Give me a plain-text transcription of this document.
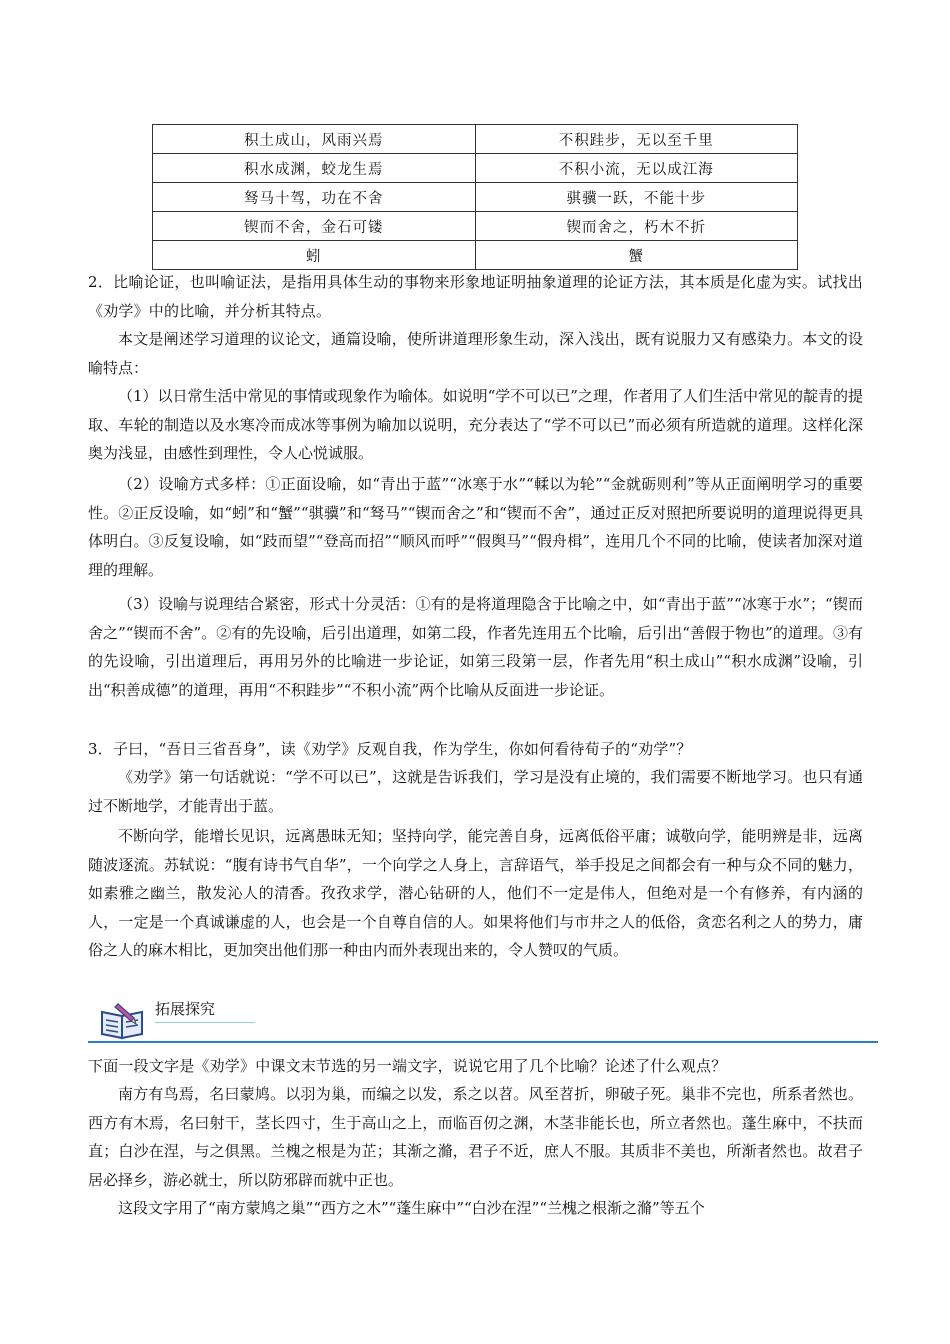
积土成山，风雨兴焉	不积跬步，无以至千里
积水成渊，蛟龙生焉	不积小流，无以成江海
驽马十驾，功在不舍	骐骥一跃，不能十步
锲而不舍，金石可镂	锲而舍之，朽木不折
蚓	蟹

2．比喻论证，也叫喻证法，是指用具体生动的事物来形象地证明抽象道理的论证方法，其本质是化虚为实。试找出《劝学》中的比喻，并分析其特点。

本文是阐述学习道理的议论文，通篇设喻，使所讲道理形象生动，深入浅出，既有说服力又有感染力。本文的设喻特点：

（1）以日常生活中常见的事情或现象作为喻体。如说明“学不可以已”之理，作者用了人们生活中常见的靛青的提取、车轮的制造以及水寒冷而成冰等事例为喻加以说明，充分表达了“学不可以已”而必须有所造就的道理。这样化深奥为浅显，由感性到理性，令人心悦诚服。

（2）设喻方式多样：①正面设喻，如“青出于蓝”“冰寒于水”“輮以为轮”“金就砺则利”等从正面阐明学习的重要性。②正反设喻，如“蚓”和“蟹”“骐骥”和“驽马”“锲而舍之”和“锲而不舍”，通过正反对照把所要说明的道理说得更具体明白。③反复设喻，如“跂而望”“登高而招”“顺风而呼”“假舆马”“假舟楫”，连用几个不同的比喻，使读者加深对道理的理解。

（3）设喻与说理结合紧密，形式十分灵活：①有的是将道理隐含于比喻之中，如“青出于蓝”“冰寒于水”；“锲而舍之”“锲而不舍”。②有的先设喻，后引出道理，如第二段，作者先连用五个比喻，后引出“善假于物也”的道理。③有的先设喻，引出道理后，再用另外的比喻进一步论证，如第三段第一层，作者先用“积土成山”“积水成渊”设喻，引出“积善成德”的道理，再用“不积跬步”“不积小流”两个比喻从反面进一步论证。

3．子曰，“吾日三省吾身”，读《劝学》反观自我，作为学生，你如何看待荀子的“劝学”？

《劝学》第一句话就说：“学不可以已”，这就是告诉我们，学习是没有止境的，我们需要不断地学习。也只有通过不断地学，才能青出于蓝。

不断向学，能增长见识，远离愚昧无知；坚持向学，能完善自身，远离低俗平庸；诚敬向学，能明辨是非，远离随波逐流。苏轼说：“腹有诗书气自华”，一个向学之人身上，言辞语气，举手投足之间都会有一种与众不同的魅力，如素雅之幽兰，散发沁人的清香。孜孜求学，潜心钻研的人，他们不一定是伟人，但绝对是一个有修养，有内涵的人，一定是一个真诚谦虚的人，也会是一个自尊自信的人。如果将他们与市井之人的低俗，贪恋名利之人的势力，庸俗之人的麻木相比，更加突出他们那一种由内而外表现出来的，令人赞叹的气质。

拓展探究

下面一段文字是《劝学》中课文末节选的另一端文字，说说它用了几个比喻？论述了什么观点？

南方有鸟焉，名曰蒙鸠。以羽为巢，而编之以发，系之以苕。风至苕折，卵破子死。巢非不完也，所系者然也。西方有木焉，名曰射干，茎长四寸，生于高山之上，而临百仞之渊，木茎非能长也，所立者然也。蓬生麻中，不扶而直；白沙在涅，与之俱黑。兰槐之根是为芷；其渐之滫，君子不近，庶人不服。其质非不美也，所渐者然也。故君子居必择乡，游必就士，所以防邪辟而就中正也。

这段文字用了“南方蒙鸠之巢”“西方之木”“蓬生麻中”“白沙在涅”“兰槐之根渐之滫”等五个
